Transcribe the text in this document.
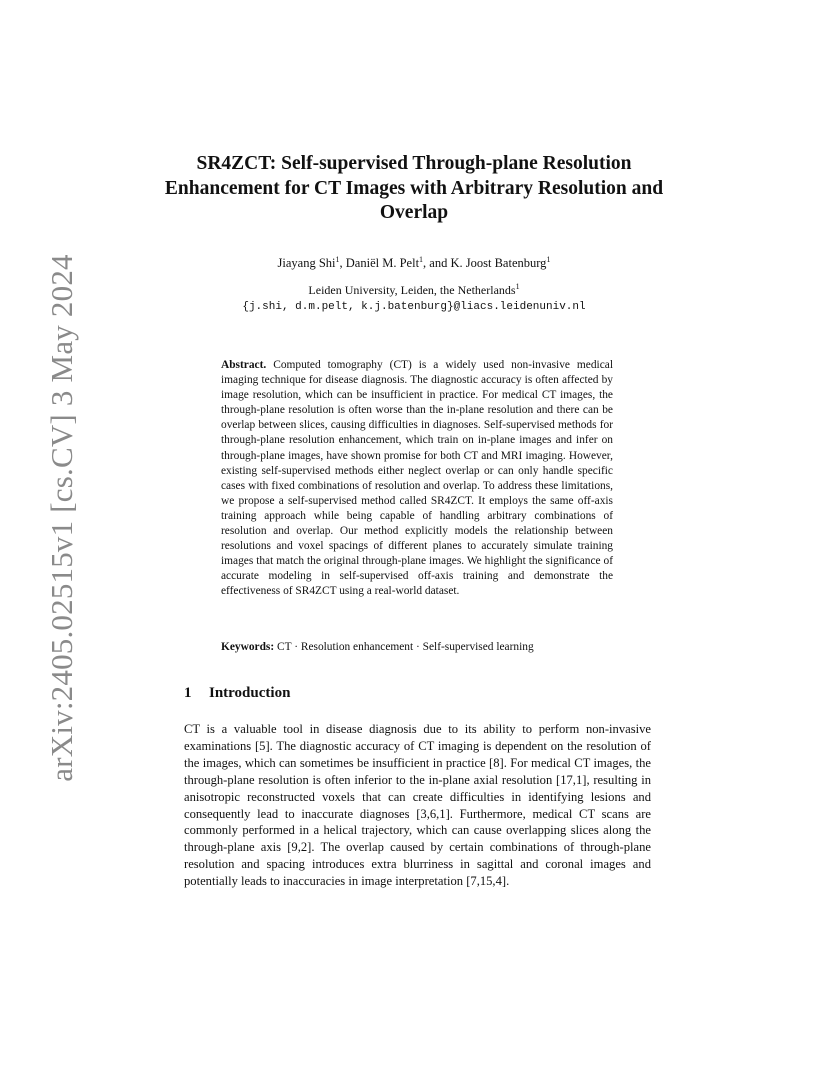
arXiv:2405.02515v1 [cs.CV] 3 May 2024
SR4ZCT: Self-supervised Through-plane Resolution Enhancement for CT Images with Arbitrary Resolution and Overlap

Jiayang Shi$^1$, Daniël M. Pelt$^1$, and K. Joost Batenburg$^1$

Leiden University, Leiden, the Netherlands$^1$
{j.shi, d.m.pelt, k.j.batenburg}@liacs.leidenuniv.nl

Abstract. Computed tomography (CT) is a widely used non-invasive medical imaging technique for disease diagnosis. The diagnostic accuracy is often affected by image resolution, which can be insufficient in practice. For medical CT images, the through-plane resolution is often worse than the in-plane resolution and there can be overlap between slices, causing difficulties in diagnoses. Self-supervised methods for through-plane resolution enhancement, which train on in-plane images and infer on through-plane images, have shown promise for both CT and MRI imaging. However, existing self-supervised methods either neglect overlap or can only handle specific cases with fixed combinations of resolution and overlap. To address these limitations, we propose a self-supervised method called SR4ZCT. It employs the same off-axis training approach while being capable of handling arbitrary combinations of resolution and overlap. Our method explicitly models the relationship between resolutions and voxel spacings of different planes to accurately simulate training images that match the original through-plane images. We highlight the significance of accurate modeling in self-supervised off-axis training and demonstrate the effectiveness of SR4ZCT using a real-world dataset.

Keywords: CT · Resolution enhancement · Self-supervised learning

1 Introduction

CT is a valuable tool in disease diagnosis due to its ability to perform non-invasive examinations [5]. The diagnostic accuracy of CT imaging is dependent on the resolution of the images, which can sometimes be insufficient in practice [8]. For medical CT images, the through-plane resolution is often inferior to the in-plane axial resolution [17,1], resulting in anisotropic reconstructed voxels that can create difficulties in identifying lesions and consequently lead to inaccurate diagnoses [3,6,1]. Furthermore, medical CT scans are commonly performed in a helical trajectory, which can cause overlapping slices along the through-plane axis [9,2]. The overlap caused by certain combinations of through-plane resolution and spacing introduces extra blurriness in sagittal and coronal images and potentially leads to inaccuracies in image interpretation [7,15,4].
